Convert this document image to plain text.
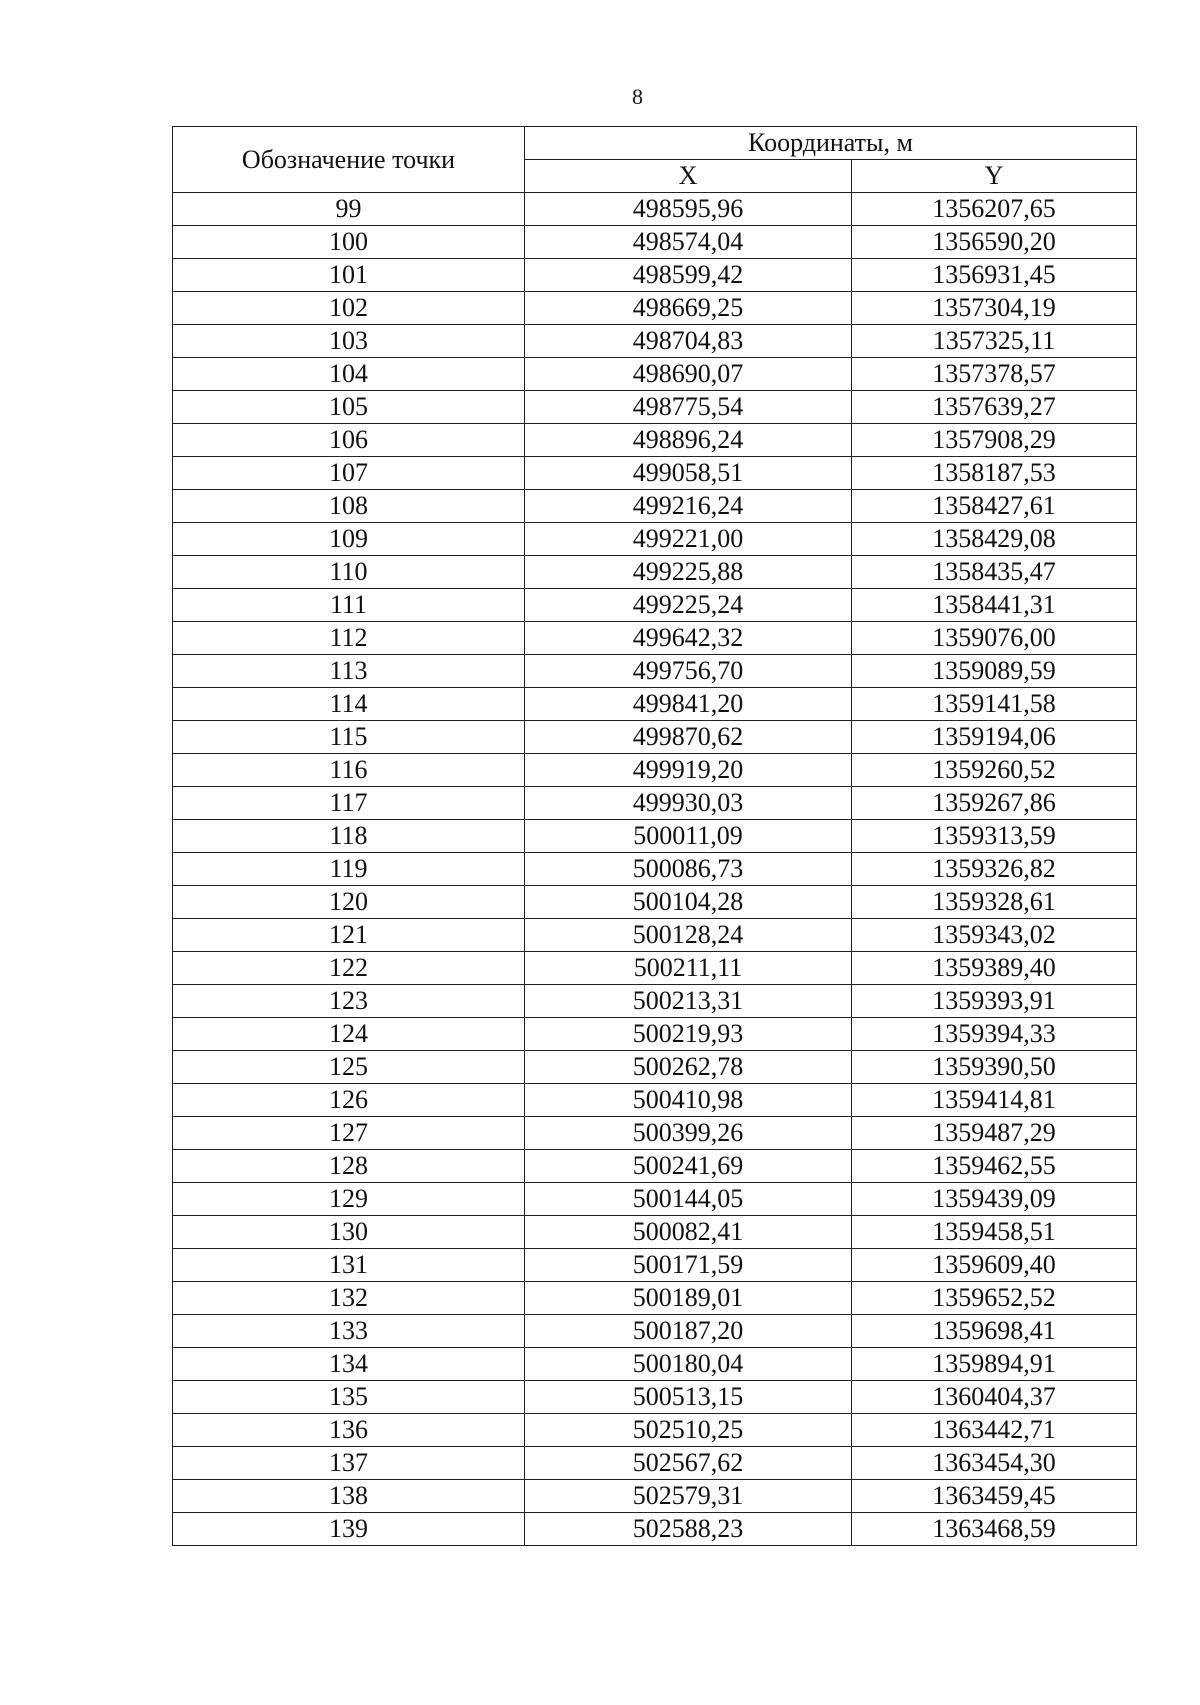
8
Обозначение точки	Координаты, м	
	X	Y
99	498595,96	1356207,65
100	498574,04	1356590,20
101	498599,42	1356931,45
102	498669,25	1357304,19
103	498704,83	1357325,11
104	498690,07	1357378,57
105	498775,54	1357639,27
106	498896,24	1357908,29
107	499058,51	1358187,53
108	499216,24	1358427,61
109	499221,00	1358429,08
110	499225,88	1358435,47
111	499225,24	1358441,31
112	499642,32	1359076,00
113	499756,70	1359089,59
114	499841,20	1359141,58
115	499870,62	1359194,06
116	499919,20	1359260,52
117	499930,03	1359267,86
118	500011,09	1359313,59
119	500086,73	1359326,82
120	500104,28	1359328,61
121	500128,24	1359343,02
122	500211,11	1359389,40
123	500213,31	1359393,91
124	500219,93	1359394,33
125	500262,78	1359390,50
126	500410,98	1359414,81
127	500399,26	1359487,29
128	500241,69	1359462,55
129	500144,05	1359439,09
130	500082,41	1359458,51
131	500171,59	1359609,40
132	500189,01	1359652,52
133	500187,20	1359698,41
134	500180,04	1359894,91
135	500513,15	1360404,37
136	502510,25	1363442,71
137	502567,62	1363454,30
138	502579,31	1363459,45
139	502588,23	1363468,59
